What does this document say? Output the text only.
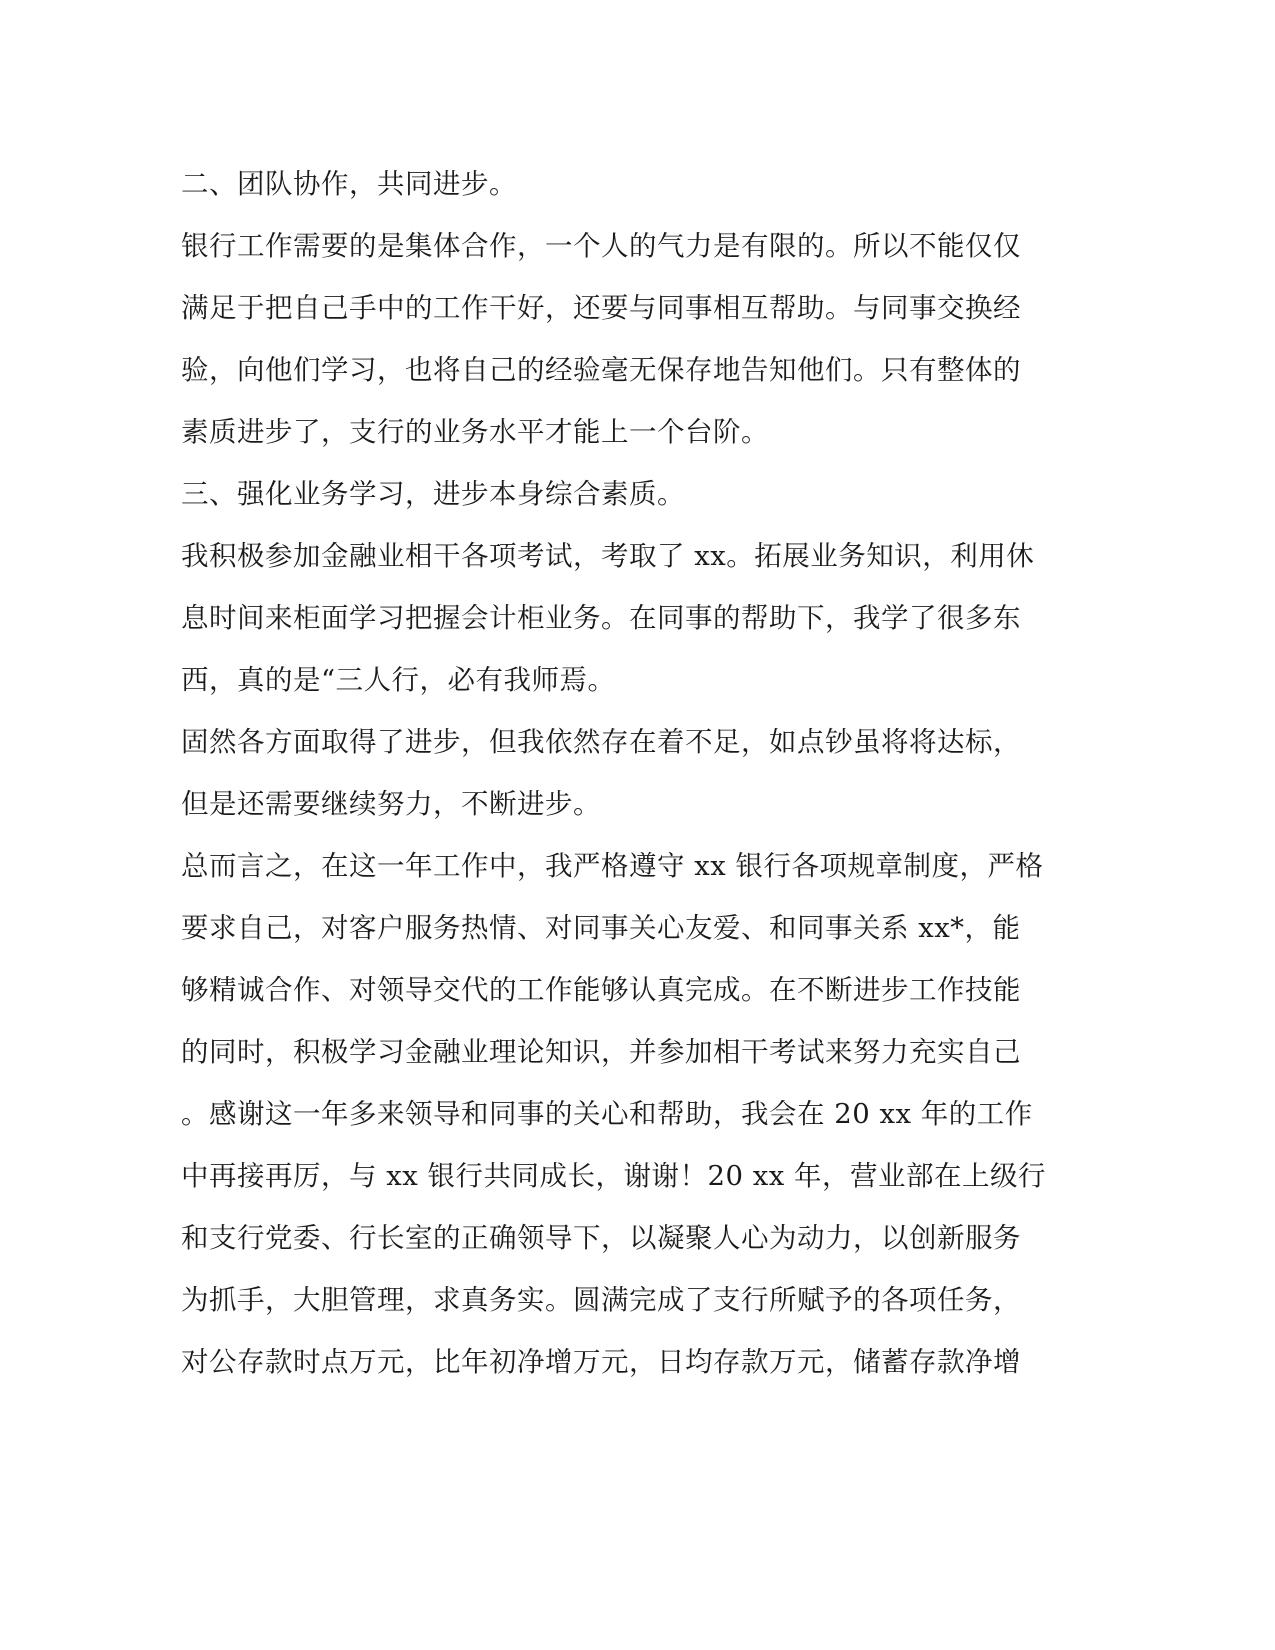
二、团队协作，共同进步。

银行工作需要的是集体合作，一个人的气力是有限的。所以不能仅仅

满足于把自己手中的工作干好，还要与同事相互帮助。与同事交换经

验，向他们学习，也将自己的经验毫无保存地告知他们。只有整体的

素质进步了，支行的业务水平才能上一个台阶。

三、强化业务学习，进步本身综合素质。

我积极参加金融业相干各项考试，考取了 xx。拓展业务知识，利用休

息时间来柜面学习把握会计柜业务。在同事的帮助下，我学了很多东

西，真的是“三人行，必有我师焉。

固然各方面取得了进步，但我依然存在着不足，如点钞虽将将达标，

但是还需要继续努力，不断进步。

总而言之，在这一年工作中，我严格遵守 xx 银行各项规章制度，严格

要求自己，对客户服务热情、对同事关心友爱、和同事关系 xx*，能

够精诚合作、对领导交代的工作能够认真完成。在不断进步工作技能

的同时，积极学习金融业理论知识，并参加相干考试来努力充实自己

。感谢这一年多来领导和同事的关心和帮助，我会在 20 xx 年的工作

中再接再厉，与 xx 银行共同成长，谢谢！20 xx 年，营业部在上级行

和支行党委、行长室的正确领导下，以凝聚人心为动力，以创新服务

为抓手，大胆管理，求真务实。圆满完成了支行所赋予的各项任务，

对公存款时点万元，比年初净增万元，日均存款万元，储蓄存款净增
